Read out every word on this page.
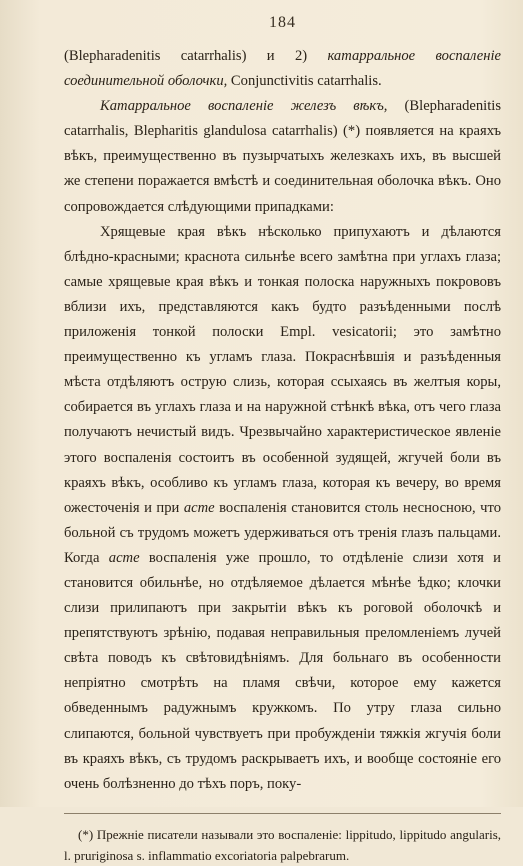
184

(Blepharadenitis catarrhalis) и 2) катарральное воспаленіе соединительной оболочки, Conjunctivitis catarrhalis.

Катарральное воспаленіе железъ вѣкъ, (Blepharadenitis catarrhalis, Blepharitis glandulosa catarrhalis) (*) появляется на краяхъ вѣкъ, преимущественно въ пузырчатыхъ железкахъ ихъ, въ высшей же степени поражается вмѣстѣ и соединительная оболочка вѣкъ. Оно сопровождается слѣдующими припадками:

Хрящевые края вѣкъ нѣсколько припухаютъ и дѣлаются блѣдно-красными; краснота сильнѣе всего замѣтна при углахъ глаза; самые хрящевые края вѣкъ и тонкая полоска наружныхъ покрововъ вблизи ихъ, представляются какъ будто разъѣденными послѣ приложенія тонкой полоски Empl. vesicatorii; это замѣтно преимущественно къ угламъ глаза. Покраснѣвшія и разъѣденныя мѣста отдѣляютъ острую слизь, которая ссыхаясь въ желтыя коры, собирается въ углахъ глаза и на наружной стѣнкѣ вѣка, отъ чего глаза получаютъ нечистый видъ. Чрезвычайно характеристическое явленіе этого воспаленія состоитъ въ особенной зудящей, жгучей боли въ краяхъ вѣкъ, особливо къ угламъ глаза, которая къ вечеру, во время ожесточенія и при acme воспаленія становится столь несносною, что больной съ трудомъ можетъ удерживаться отъ тренія глазъ пальцами. Когда acme воспаленія уже прошло, то отдѣленіе слизи хотя и становится обильнѣе, но отдѣляемое дѣлается мѣнѣе ѣдко; клочки слизи прилипаютъ при закрытіи вѣкъ къ роговой оболочкѣ и препятствуютъ зрѣнію, подавая неправильныя преломленіемъ лучей свѣта поводъ къ свѣтовидѣніямъ. Для больнаго въ особенности непріятно смотрѣть на пламя свѣчи, которое ему кажется обведеннымъ радужнымъ кружкомъ. По утру глаза сильно слипаются, больной чувствуетъ при пробужденіи тяжкія жгучія боли въ краяхъ вѣкъ, съ трудомъ раскрываетъ ихъ, и вообще состояніе его очень болѣзненно до тѣхъ поръ, поку-

(*) Прежніе писатели называли это воспаленіе: lippitudo, lippitudo angularis, l. pruriginosa s. inflammatio excoriatoria palpebrarum.
